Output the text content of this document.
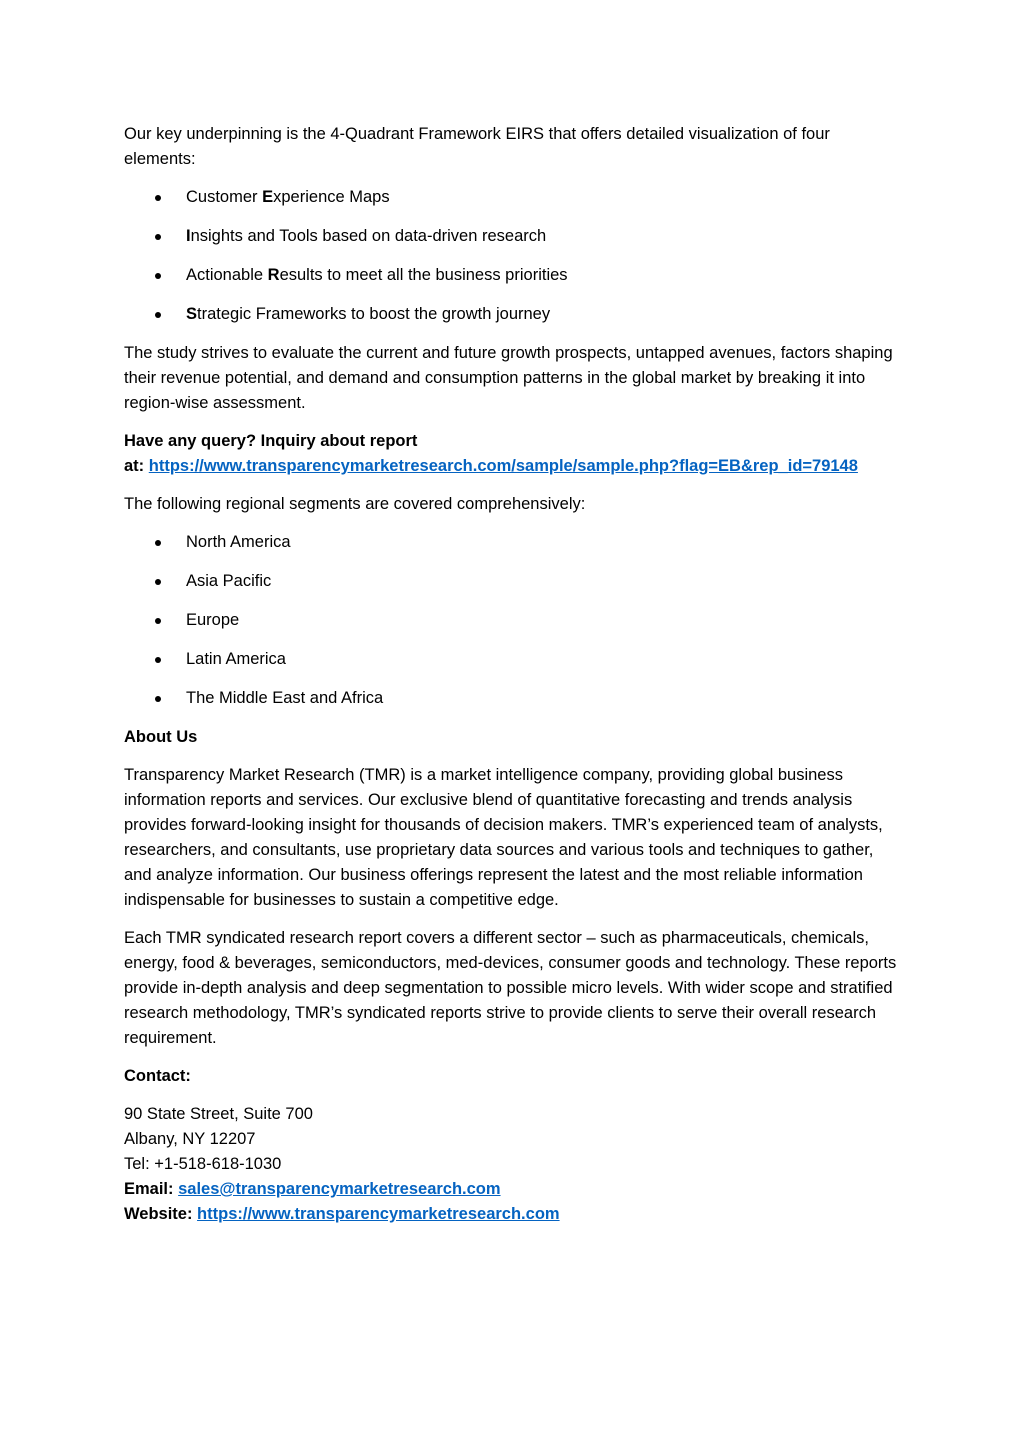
Our key underpinning is the 4-Quadrant Framework EIRS that offers detailed visualization of four elements:

Customer Experience Maps
Insights and Tools based on data-driven research
Actionable Results to meet all the business priorities
Strategic Frameworks to boost the growth journey

The study strives to evaluate the current and future growth prospects, untapped avenues, factors shaping their revenue potential, and demand and consumption patterns in the global market by breaking it into region-wise assessment.

Have any query? Inquiry about report
at: https://www.transparencymarketresearch.com/sample/sample.php?flag=EB&rep_id=79148

The following regional segments are covered comprehensively:

North America
Asia Pacific
Europe
Latin America
The Middle East and Africa

About Us

Transparency Market Research (TMR) is a market intelligence company, providing global business information reports and services. Our exclusive blend of quantitative forecasting and trends analysis provides forward-looking insight for thousands of decision makers. TMR’s experienced team of analysts, researchers, and consultants, use proprietary data sources and various tools and techniques to gather, and analyze information. Our business offerings represent the latest and the most reliable information indispensable for businesses to sustain a competitive edge.

Each TMR syndicated research report covers a different sector – such as pharmaceuticals, chemicals, energy, food & beverages, semiconductors, med-devices, consumer goods and technology. These reports provide in-depth analysis and deep segmentation to possible micro levels. With wider scope and stratified research methodology, TMR’s syndicated reports strive to provide clients to serve their overall research requirement.

Contact:

90 State Street, Suite 700

Albany, NY 12207

Tel: +1-518-618-1030

Email: sales@transparencymarketresearch.com

Website: https://www.transparencymarketresearch.com
